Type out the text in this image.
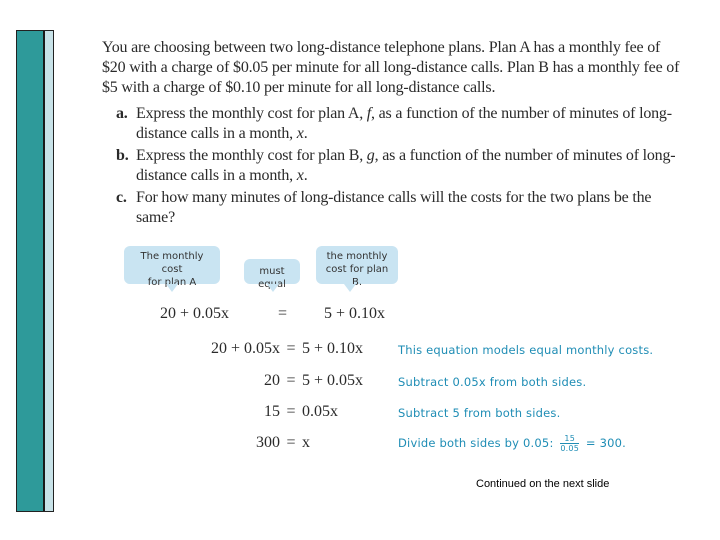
You are choosing between two long-distance telephone plans. Plan A has a monthly fee of $20 with a charge of $0.05 per minute for all long-distance calls. Plan B has a monthly fee of $5 with a charge of $0.10 per minute for all long-distance calls.

a. Express the monthly cost for plan A, f, as a function of the number of minutes of long-distance calls in a month, x.
b. Express the monthly cost for plan B, g, as a function of the number of minutes of long-distance calls in a month, x.
c. For how many minutes of long-distance calls will the costs for the two plans be the same?
The monthly cost
for plan A
must equal
the monthly
cost for plan B.
20 + 0.05x	= 5 + 0.10x
20 + 0.05x = 5 + 0.10x	This equation models equal monthly costs.
20 = 5 + 0.05x	Subtract 0.05x from both sides.
15 = 0.05x	Subtract 5 from both sides.
300 = x	Divide both sides by 0.05: $\frac{15}{0.05} = 300$.
Continued on the next slide
